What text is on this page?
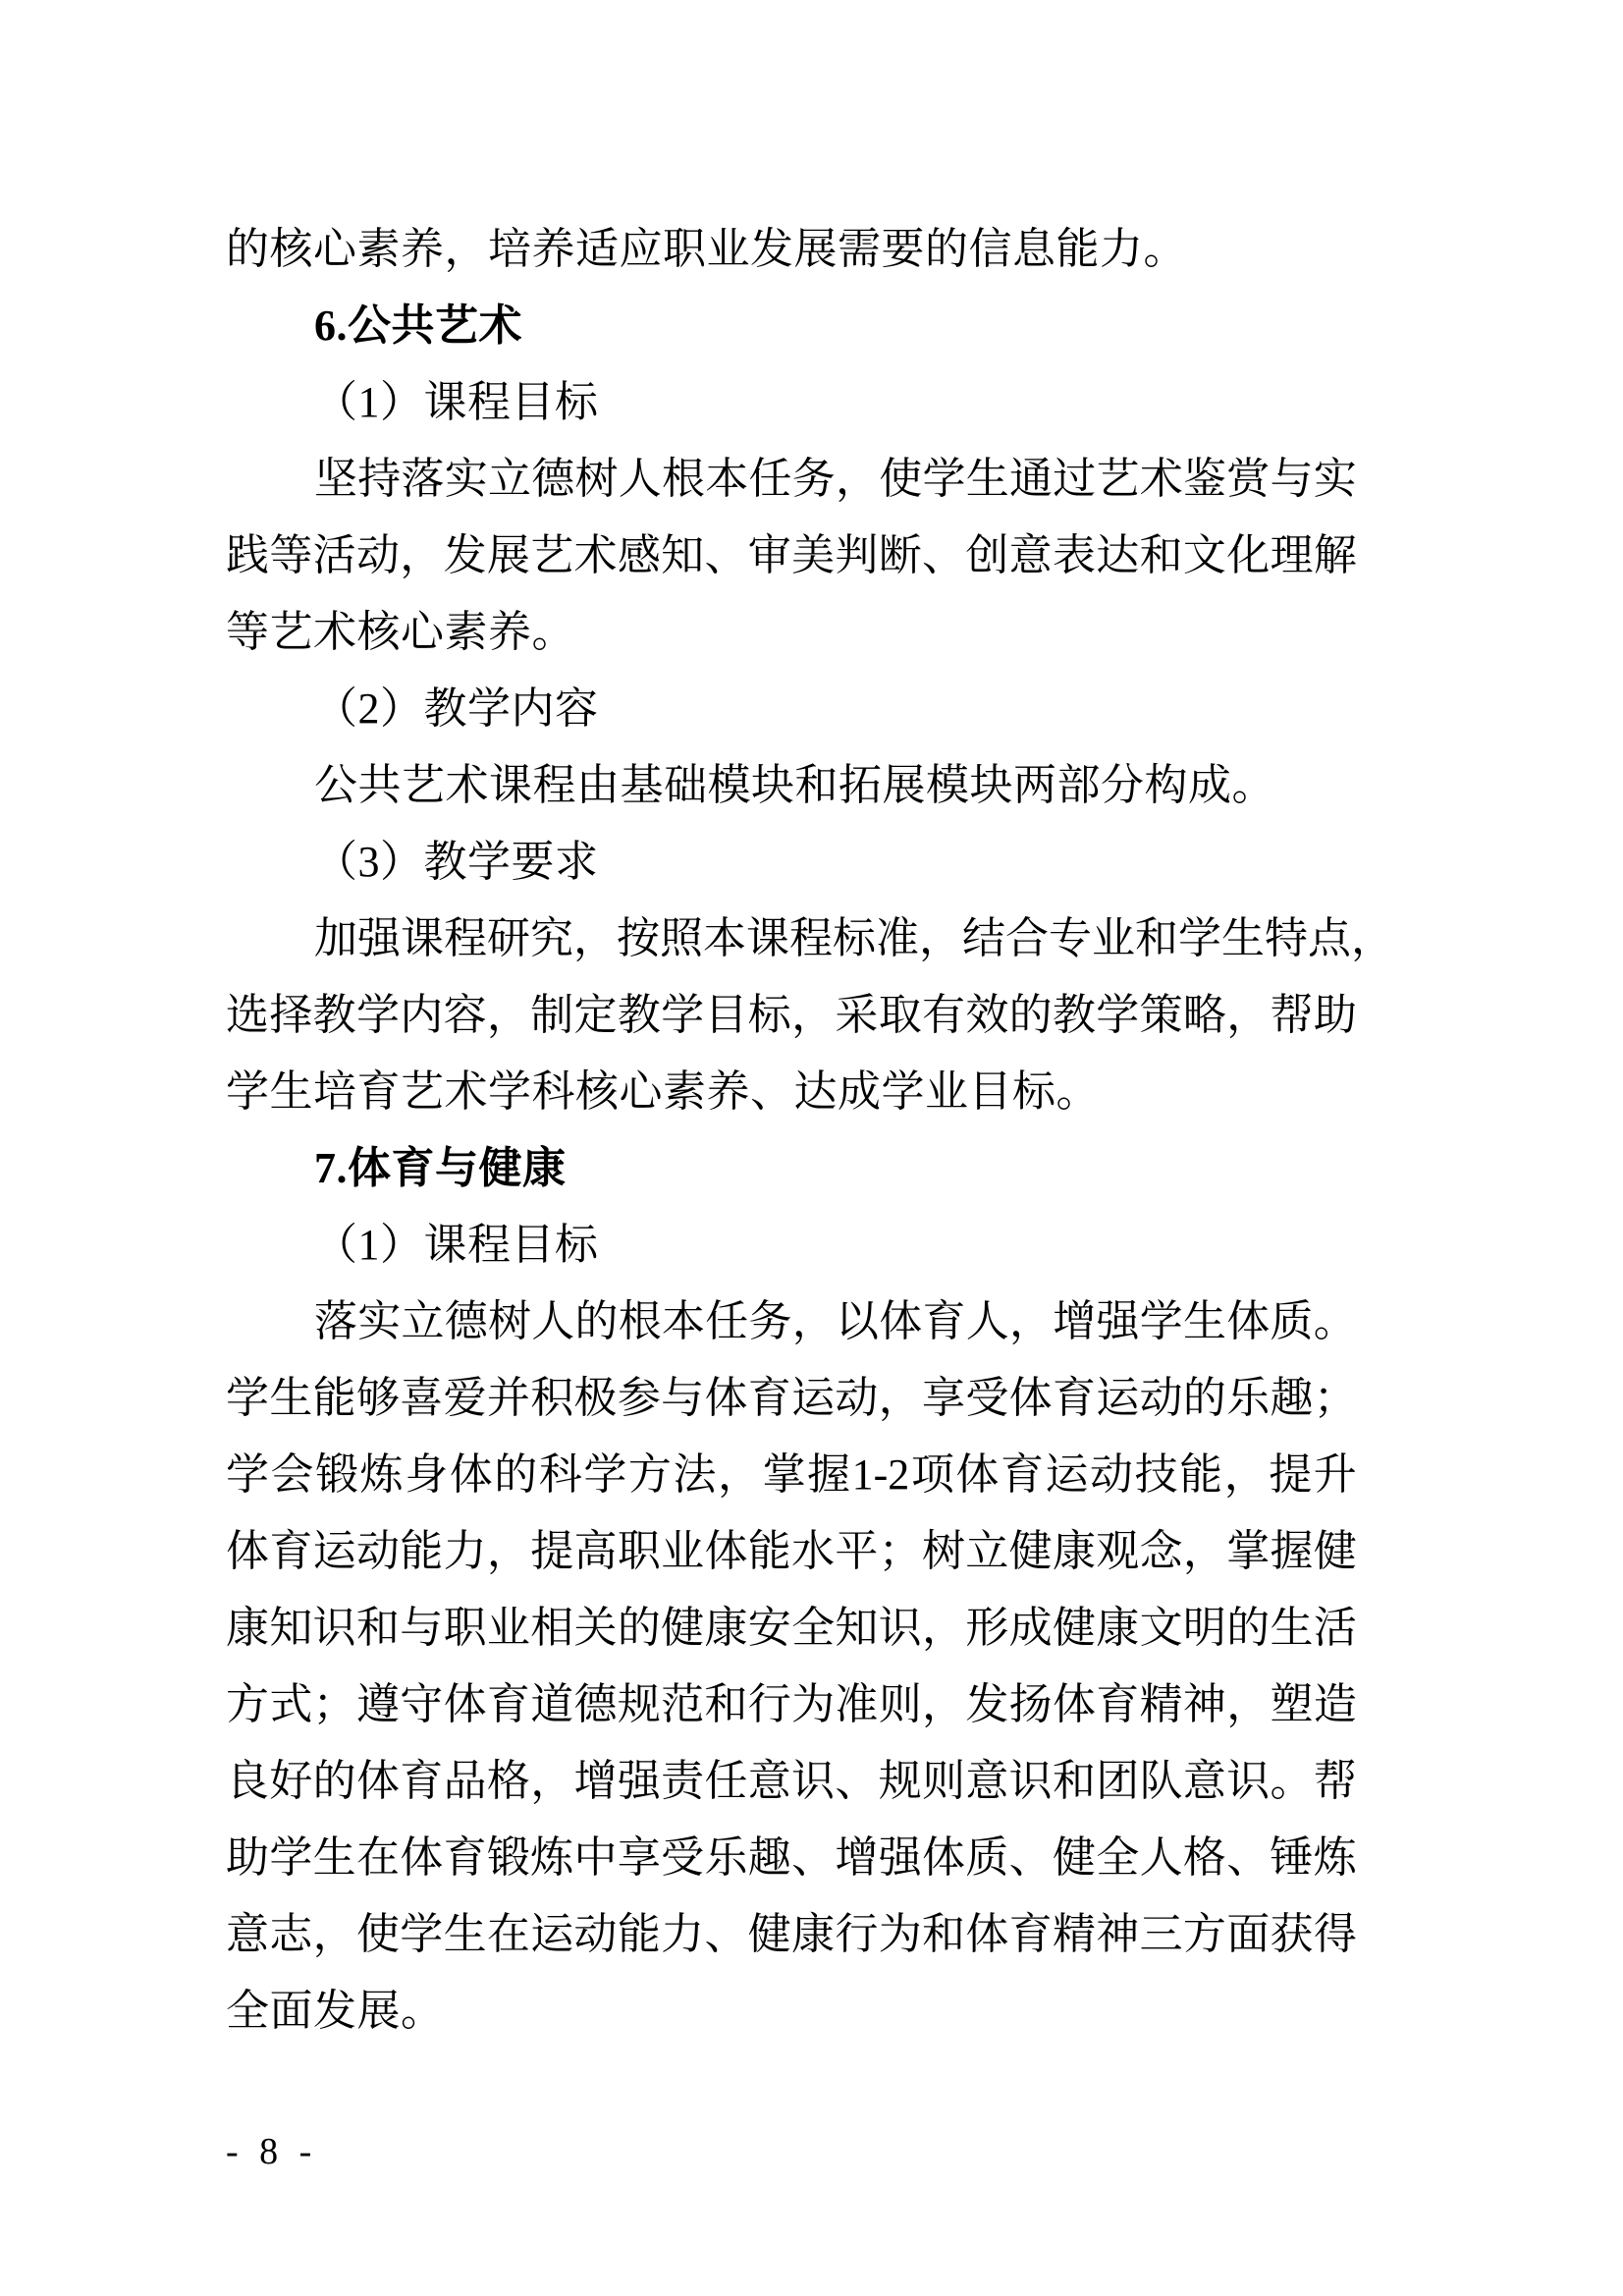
的核心素养，培养适应职业发展需要的信息能力。
6.公共艺术
（1）课程目标
坚 持 落 实 立 德 树 人 根 本 任 务 ， 使 学 生 通 过 艺 术 鉴 赏 与 实
践 等 活 动 ， 发 展 艺 术 感 知 、 审 美 判 断 、 创 意 表 达 和 文 化 理 解
等艺术核心素养。
（2）教学内容
公共艺术课程由基础模块和拓展模块两部分构成。
（3）教学要求
加 强 课 程 研 究 ， 按 照 本 课 程 标 准 ， 结 合 专 业 和 学 生 特 点 ，
选 择 教 学 内 容 ， 制 定 教 学 目 标 ， 采 取 有 效 的 教 学 策 略 ， 帮 助
学生培育艺术学科核心素养、达成学业目标。
7.体育与健康
（1）课程目标
落 实 立 德 树 人 的 根 本 任 务 ， 以 体 育 人 ， 增 强 学 生 体 质 。
学 生 能 够 喜 爱 并 积 极 参 与 体 育 运 动 ， 享 受 体 育 运 动 的 乐 趣 ；
学 会 锻 炼 身 体 的 科 学 方 法 ， 掌 握 1-2 项 体 育 运 动 技 能 ， 提 升
体 育 运 动 能 力 ， 提 高 职 业 体 能 水 平 ； 树 立 健 康 观 念 ， 掌 握 健
康 知 识 和 与 职 业 相 关 的 健 康 安 全 知 识 ， 形 成 健 康 文 明 的 生 活
方 式 ； 遵 守 体 育 道 德 规 范 和 行 为 准 则 ， 发 扬 体 育 精 神 ， 塑 造
良 好 的 体 育 品 格 ， 增 强 责 任 意 识 、 规 则 意 识 和 团 队 意 识 。 帮
助 学 生 在 体 育 锻 炼 中 享 受 乐 趣 、 增 强 体 质 、 健 全 人 格 、 锤 炼
意 志 ， 使 学 生 在 运 动 能 力 、 健 康 行 为 和 体 育 精 神 三 方 面 获 得
全面发展。
- 8 -
